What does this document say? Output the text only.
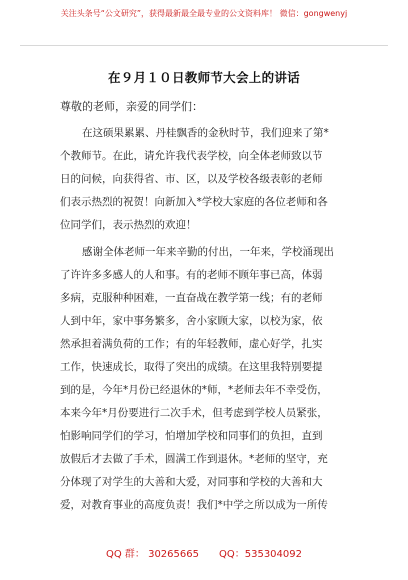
关注头条号“公文研究”，获得最新最全最专业的公文资料库！ 微信：gongwenyj
在９月１０日教师节大会上的讲话
尊敬的老师，亲爱的同学们：
在这硕果累累、丹桂飘香的金秋时节，我们迎来了第*
个教师节。在此，请允许我代表学校，向全体老师致以节
日的问候，向获得省、市、区，以及学校各级表彰的老师
们表示热烈的祝贺！向新加入*学校大家庭的各位老师和各
位同学们，表示热烈的欢迎！
感谢全体老师一年来辛勤的付出，一年来，学校涌现出
了许许多多感人的人和事。有的老师不顾年事已高，体弱
多病，克服种种困难，一直奋战在教学第一线；有的老师
人到中年，家中事务繁多，舍小家顾大家，以校为家，依
然承担着满负荷的工作；有的年轻教师，虚心好学，扎实
工作，快速成长，取得了突出的成绩。在这里我特别要提
到的是，今年*月份已经退休的*师，*老师去年不幸受伤，
本来今年*月份要进行二次手术，但考虑到学校人员紧张，
怕影响同学们的学习，怕增加学校和同事们的负担，直到
放假后才去做了手术，圆满工作到退休。*老师的坚守，充
分体现了对学生的大善和大爱，对同事和学校的大善和大
爱，对教育事业的高度负责！我们*中学之所以成为一所传
QQ 群： 30265665 QQ：535304092
